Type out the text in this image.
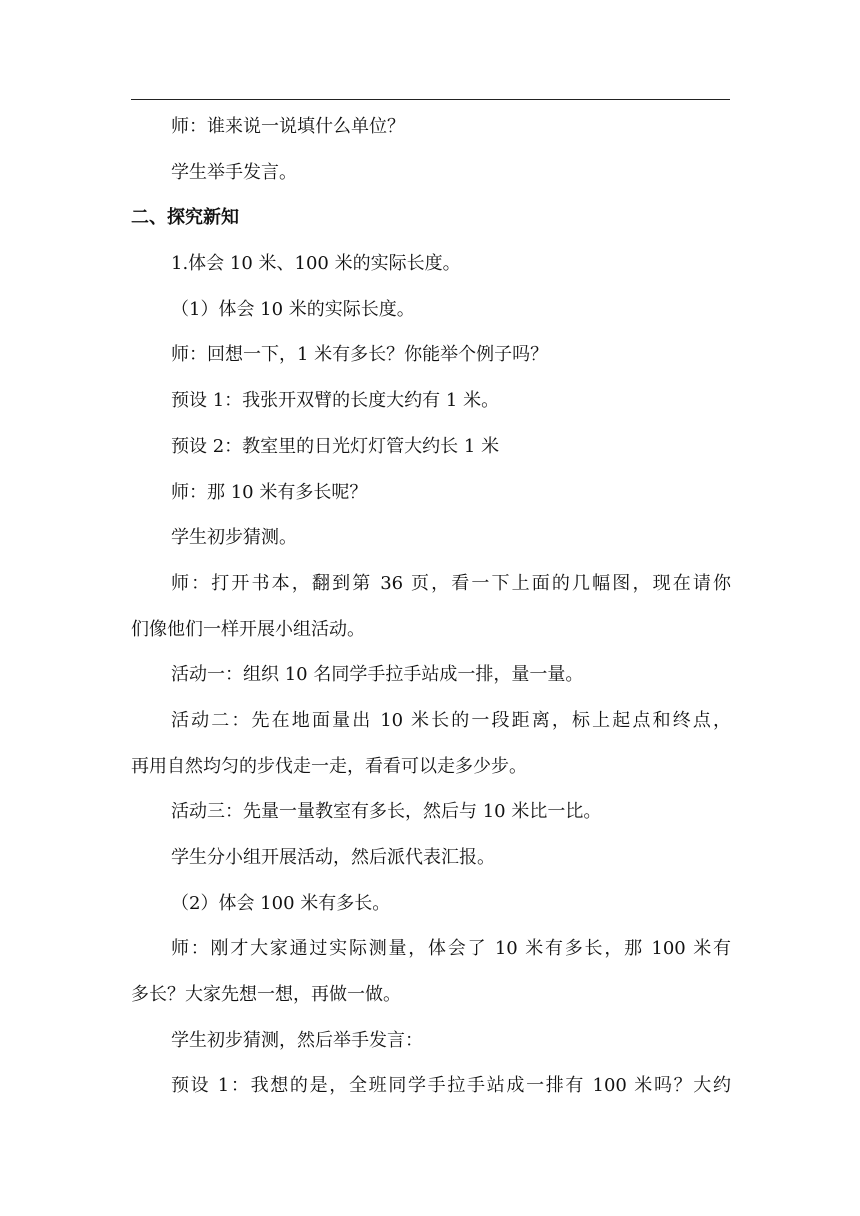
师：谁来说一说填什么单位？
学生举手发言。
二、探究新知
1.体会 10 米、100 米的实际长度。
（1）体会 10 米的实际长度。
师：回想一下，1 米有多长？你能举个例子吗？
预设 1：我张开双臂的长度大约有 1 米。
预设 2：教室里的日光灯灯管大约长 1 米
师：那 10 米有多长呢？
学生初步猜测。
师：打开书本，翻到第 36 页，看一下上面的几幅图，现在请你
们像他们一样开展小组活动。
活动一：组织 10 名同学手拉手站成一排，量一量。
活动二：先在地面量出 10 米长的一段距离，标上起点和终点，
再用自然均匀的步伐走一走，看看可以走多少步。
活动三：先量一量教室有多长，然后与 10 米比一比。
学生分小组开展活动，然后派代表汇报。
（2）体会 100 米有多长。
师：刚才大家通过实际测量，体会了 10 米有多长，那 100 米有
多长？大家先想一想，再做一做。
学生初步猜测，然后举手发言：
预设 1：我想的是，全班同学手拉手站成一排有 100 米吗？大约
